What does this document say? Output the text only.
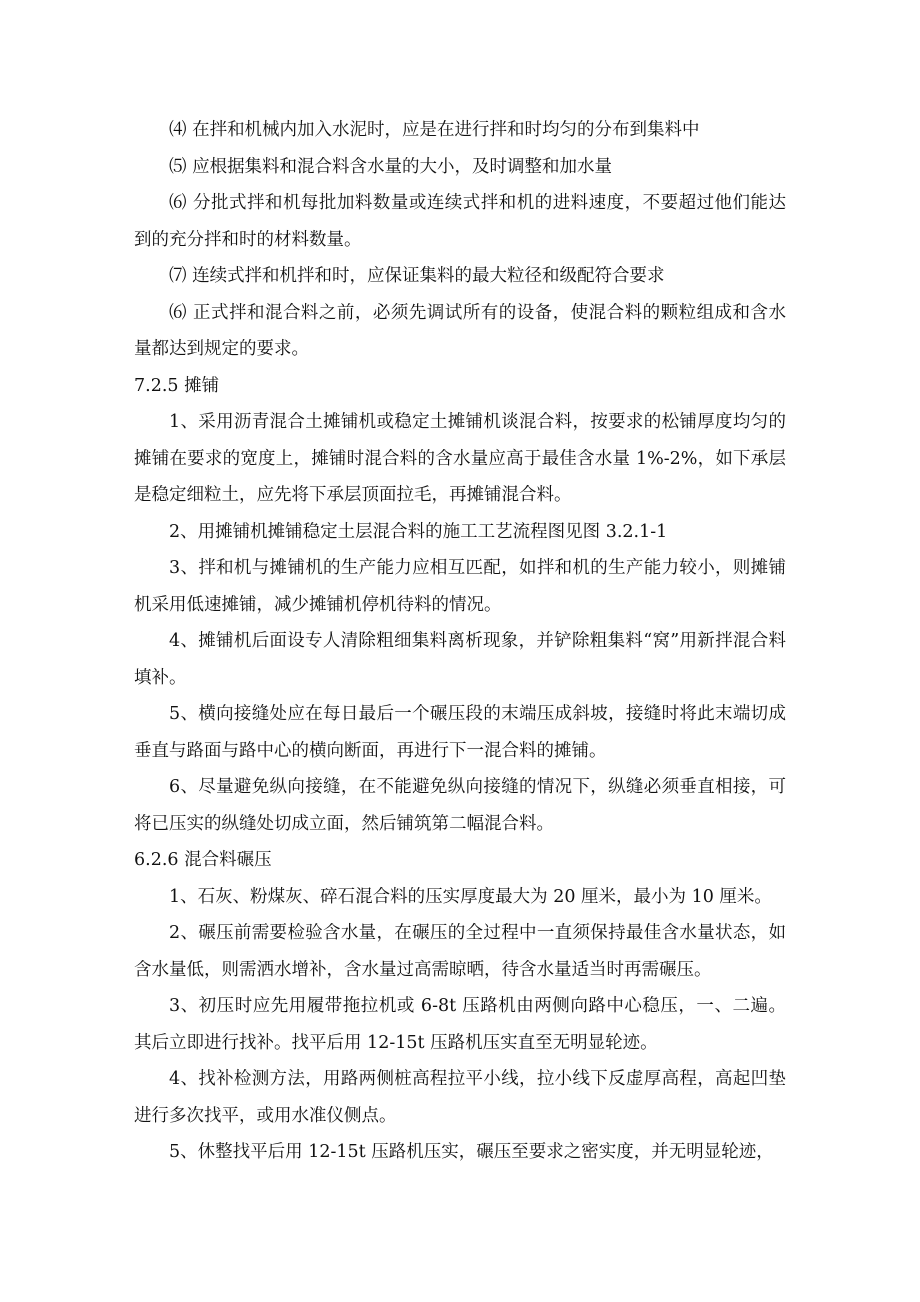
⑷ 在拌和机械内加入水泥时，应是在进行拌和时均匀的分布到集料中

⑸ 应根据集料和混合料含水量的大小，及时调整和加水量

⑹ 分批式拌和机每批加料数量或连续式拌和机的进料速度，不要超过他们能达到的充分拌和时的材料数量。

⑺ 连续式拌和机拌和时，应保证集料的最大粒径和级配符合要求

⑹ 正式拌和混合料之前，必须先调试所有的设备，使混合料的颗粒组成和含水量都达到规定的要求。

7.2.5 摊铺

1、采用沥青混合土摊铺机或稳定土摊铺机谈混合料，按要求的松铺厚度均匀的摊铺在要求的宽度上，摊铺时混合料的含水量应高于最佳含水量 1%-2%，如下承层是稳定细粒土，应先将下承层顶面拉毛，再摊铺混合料。

2、用摊铺机摊铺稳定土层混合料的施工工艺流程图见图 3.2.1-1

3、拌和机与摊铺机的生产能力应相互匹配，如拌和机的生产能力较小，则摊铺机采用低速摊铺，减少摊铺机停机待料的情况。

4、摊铺机后面设专人清除粗细集料离析现象，并铲除粗集料“窝”用新拌混合料填补。

5、横向接缝处应在每日最后一个碾压段的末端压成斜坡，接缝时将此末端切成垂直与路面与路中心的横向断面，再进行下一混合料的摊铺。

6、尽量避免纵向接缝，在不能避免纵向接缝的情况下，纵缝必须垂直相接，可将已压实的纵缝处切成立面，然后铺筑第二幅混合料。

6.2.6 混合料碾压

1、石灰、粉煤灰、碎石混合料的压实厚度最大为 20 厘米，最小为 10 厘米。

2、碾压前需要检验含水量，在碾压的全过程中一直须保持最佳含水量状态，如含水量低，则需洒水增补，含水量过高需晾晒，待含水量适当时再需碾压。

3、初压时应先用履带拖拉机或 6-8t 压路机由两侧向路中心稳压，一、二遍。其后立即进行找补。找平后用 12-15t 压路机压实直至无明显轮迹。

4、找补检测方法，用路两侧桩高程拉平小线，拉小线下反虚厚高程，高起凹垫进行多次找平，或用水准仪侧点。

5、休整找平后用 12-15t 压路机压实，碾压至要求之密实度，并无明显轮迹，
